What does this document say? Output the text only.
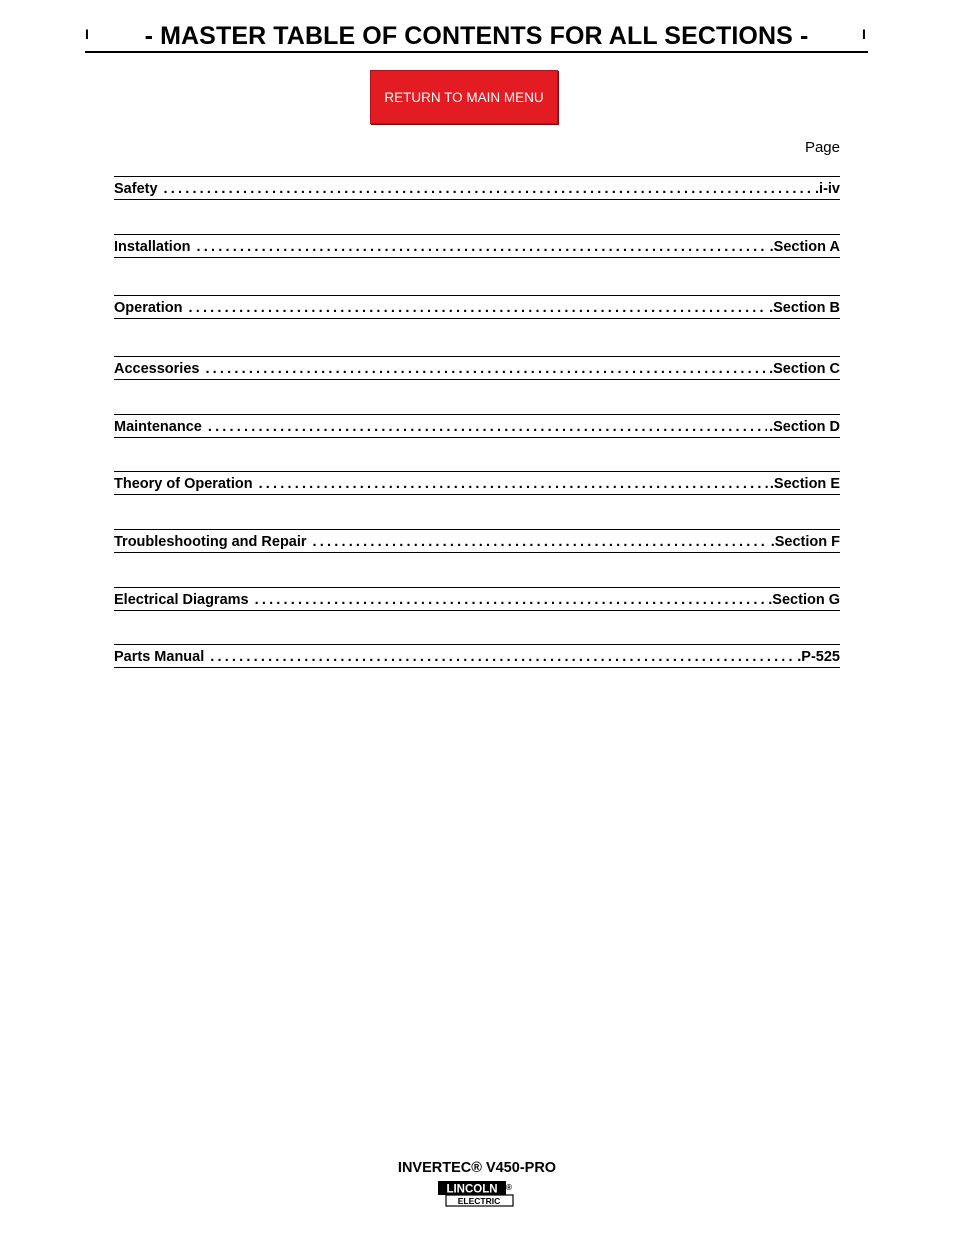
I	I
- MASTER TABLE OF CONTENTS FOR ALL SECTIONS -
RETURN TO MAIN MENU
Page
Safety .....	.i-iv
Installation .....	.Section A
Operation .....	.Section B
Accessories .....	.Section C
Maintenance .....	.Section D
Theory of Operation .....	.Section E
Troubleshooting and Repair .....	.Section F
Electrical Diagrams .....	.Section G
Parts Manual .....	.P-525
INVERTEC® V450-PRO
LINCOLN
ELECTRIC
®
